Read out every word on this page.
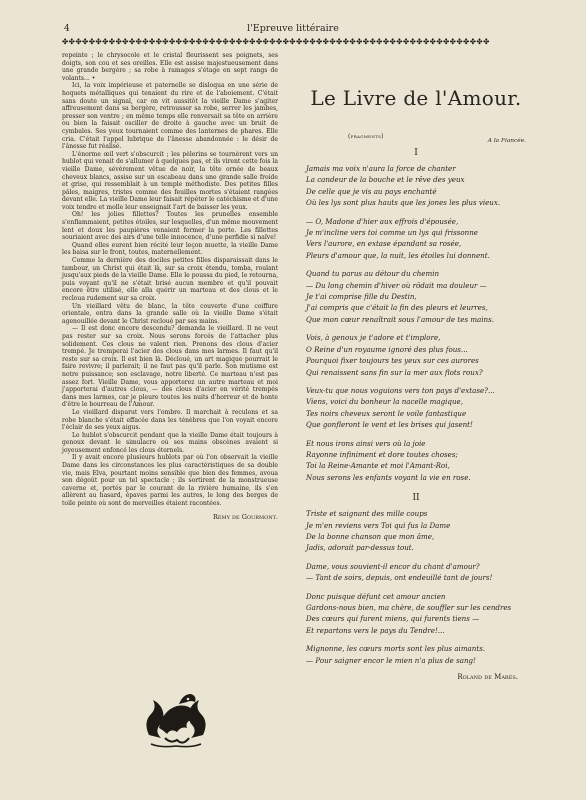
4	l'Epreuve littéraire
✤✤✤✤✤✤✤✤✤✤✤✤✤✤✤✤✤✤✤✤✤✤✤✤✤✤✤✤✤✤✤✤✤✤✤✤✤✤✤✤✤✤✤✤✤✤✤✤✤✤✤✤✤✤✤✤✤✤✤✤✤✤✤✤

repeinte ; le chrysocole et le cristal fleurissent ses poignets, ses doigts, son cou et ses oreilles. Elle est assise majestueusement dans une grande bergère ; sa robe à ramages s'étage en sept rangs de volants... •

Ici, la voix impérieuse et paternelle se disloqua en une série de hoquets métalliques qui tenaient du rire et de l'aboiement. C'était sans doute un signal, car on vit aussitôt la vieille Dame s'agiter affreusement dans sa bergère, retrousser sa robe, serrer les jambes, presser son ventre ; en même temps elle renversait sa tête en arrière ou bien la faisait osciller de droite à gauche avec un bruit de cymbales. Ses yeux tournaient comme des lanternes de phares. Elle cria. C'était l'appel lubrique de l'ânesse abandonnée : le désir de l'ânesse fut réalisé.

L'énorme œil vert s'obscurcit ; les pèlerins se tournèrent vers un hublot qui venait de s'allumer à quelques pas, et ils virent cette fois la vieille Dame, sévèrement vêtue de noir, la tête ornée de beaux cheveux blancs, assise sur un escabeau dans une grande salle froide et grise, qui ressemblait à un temple méthodiste. Des petites filles pâles, maigres, tristes comme des feuilles mortes s'étaient rangées devant elle. La vieille Dame leur faisait répéter le catéchisme et d'une voix tendre et molle leur enseignait l'art de baisser les yeux.

Oh! les jolies fillettes? Toutes les prunelles ensemble s'enflammaient, petites étoiles, sur lesquelles, d'un même mouvement lent et doux les paupières venaient fermer la porte. Les fillettes souriaient avec des airs d'une telle innocence, d'une perfidie si naïve!

Quand elles eurent bien récité leur leçon muette, la vieille Dame les baisa sur le front, toutes, maternellement.

Comme la dernière des dociles petites filles disparaissait dans le tambour, un Christ qui était là, sur sa croix étendu, tomba, roulant jusqu'aux pieds de la vieille Dame. Elle le poussa du pied, le retourna, puis voyant qu'il ne s'était brisé aucun membre et qu'il pouvait encore être utilisé, elle alla quérir un marteau et des clous et le recloua rudement sur sa croix.

Un vieillard vêtu de blanc, la tête couverte d'une coiffure orientale, entra dans la grande salle où la vieille Dame s'était agenouillée devant le Christ recloué par ses mains.

— Il est donc encore descendu? demanda le vieillard. Il ne veut pas rester sur sa croix. Nous serons forcés de l'attacher plus solidement. Ces clous ne valent rien. Prenons des clous d'acier trempé. Je tremperai l'acier des clous dans mes larmes. Il faut qu'il reste sur sa croix. Il est bien là. Décloué, un art magique pourrait le faire revivre; il parlerait; il ne faut pas qu'il parle. Son mutisme est notre puissance; son esclavage, notre liberté. Ce marteau n'est pas assez fort. Vieille Dame, vous apporterez un autre marteau et moi j'apporterai d'autres clous, — des clous d'acier en vérité trempés dans mes larmes, car je pleure toutes les nuits d'horreur et de honte d'être le bourreau de l'Amour.

Le vieillard disparut vers l'ombre. Il marchait à reculons et sa robe blanche s'était effacée dans les ténèbres que l'on voyait encore l'éclair de ses yeux aigus.

Le hublot s'obscurcit pendant que la vieille Dame était toujours à genoux devant le simulacre où ses mains obscènes avaient si joyeusement enfoncé les clous éternels.

Il y avait encore plusieurs hublots par où l'on observait la vieille Dame dans les circonstances les plus caractéristiques de sa double vie, mais Elva, pourtant moins sensible que bien des femmes, avoua son dégoût pour un tel spectacle ; ils sortirent de la monstrueuse caverne et, portés par le courant de la rivière humaine, ils s'en allèrent au hasard, épaves parmi les autres, le long des berges de toile peinte où sont de merveilles étaient racontées.

Remy de Gourmont.
Le Livre de l'Amour.
(fragments)
A la Fiancée.
I
Jamais ma voix n'aura la force de chanter
La candeur de la bouche et le rêve des yeux
De celle que je vis au pays enchanté
Où les lys sont plus hauts que les jones les plus vieux.
— O, Madone d'hier aux effrois d'épousée,
Je m'incline vers toi comme un lys qui frissonne
Vers l'aurore, en extase épandant sa rosée,
Pleurs d'amour que, la nuit, les étoiles lui donnent.
Quand tu parus au détour du chemin
— Du long chemin d'hiver où rôdait ma douleur —
Je t'ai comprise fille du Destin,
J'ai compris que c'était la fin des pleurs et leurres,
Que mon cœur renaîtrait sous l'amour de tes mains.
Vois, à genoux je t'adore et t'implore,
O Reine d'un royaume ignoré des plus fous...
Pourquoi fixer toujours tes yeux sur ces aurores
Qui renaissent sans fin sur la mer aux flots roux?
Veux-tu que nous voguions vers ton pays d'extase?...
Viens, voici du bonheur la nacelle magique,
Tes noirs cheveux seront le voile fantastique
Que gonfleront le vent et les brises qui jasent!
Et nous irons ainsi vers où la joie
Rayonne infiniment et dore toutes choses;
Toi la Reine-Amante et moi l'Amant-Roi,
Nous serons les enfants voyant la vie en rose.
II
Triste et saignant des mille coups
Je m'en reviens vers Toi qui fus la Dame
De la bonne chanson que mon âme,
Jadis, adorait par-dessus tout.
Dame, vous souvient-il encor du chant d'amour?
— Tant de soirs, depuis, ont endeuillé tant de jours!
Donc puisque défunt cet amour ancien
Gardons-nous bien, ma chère, de souffler sur les cendres
Des cœurs qui furent miens, qui furents tiens —
Et repartons vers le pays du Tendre!...
Mignonne, les cœurs morts sont les plus aimants.
— Pour saigner encor le mien n'a plus de sang!
Roland de Marès.
